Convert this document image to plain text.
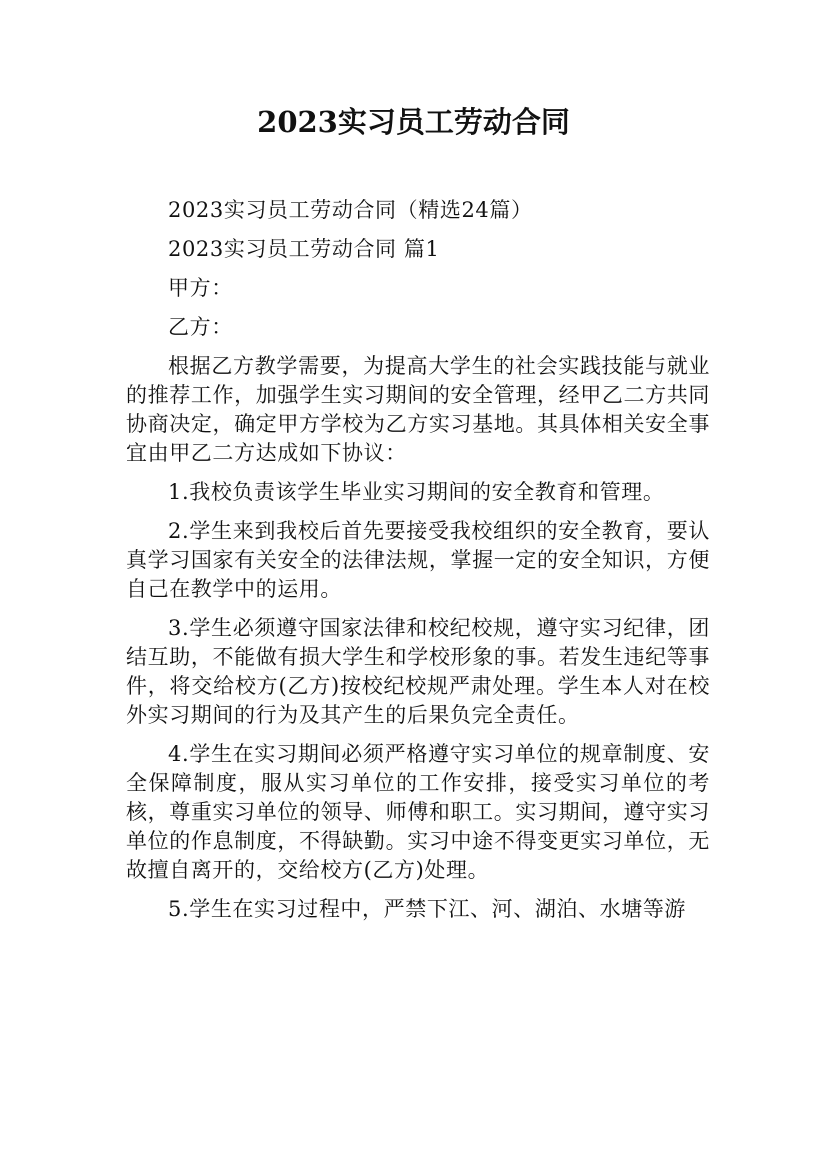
2023实习员工劳动合同

2023实习员工劳动合同（精选24篇）

2023实习员工劳动合同 篇1

甲方：

乙方：

根据乙方教学需要，为提高大学生的社会实践技能与就业的推荐工作，加强学生实习期间的安全管理，经甲乙二方共同协商决定，确定甲方学校为乙方实习基地。其具体相关安全事宜由甲乙二方达成如下协议：

1.我校负责该学生毕业实习期间的安全教育和管理。

2.学生来到我校后首先要接受我校组织的安全教育，要认真学习国家有关安全的法律法规，掌握一定的安全知识，方便自己在教学中的运用。

3.学生必须遵守国家法律和校纪校规，遵守实习纪律，团结互助，不能做有损大学生和学校形象的事。若发生违纪等事件，将交给校方(乙方)按校纪校规严肃处理。学生本人对在校外实习期间的行为及其产生的后果负完全责任。

4.学生在实习期间必须严格遵守实习单位的规章制度、安全保障制度，服从实习单位的工作安排，接受实习单位的考核，尊重实习单位的领导、师傅和职工。实习期间，遵守实习单位的作息制度，不得缺勤。实习中途不得变更实习单位，无故擅自离开的，交给校方(乙方)处理。

5.学生在实习过程中，严禁下江、河、湖泊、水塘等游
